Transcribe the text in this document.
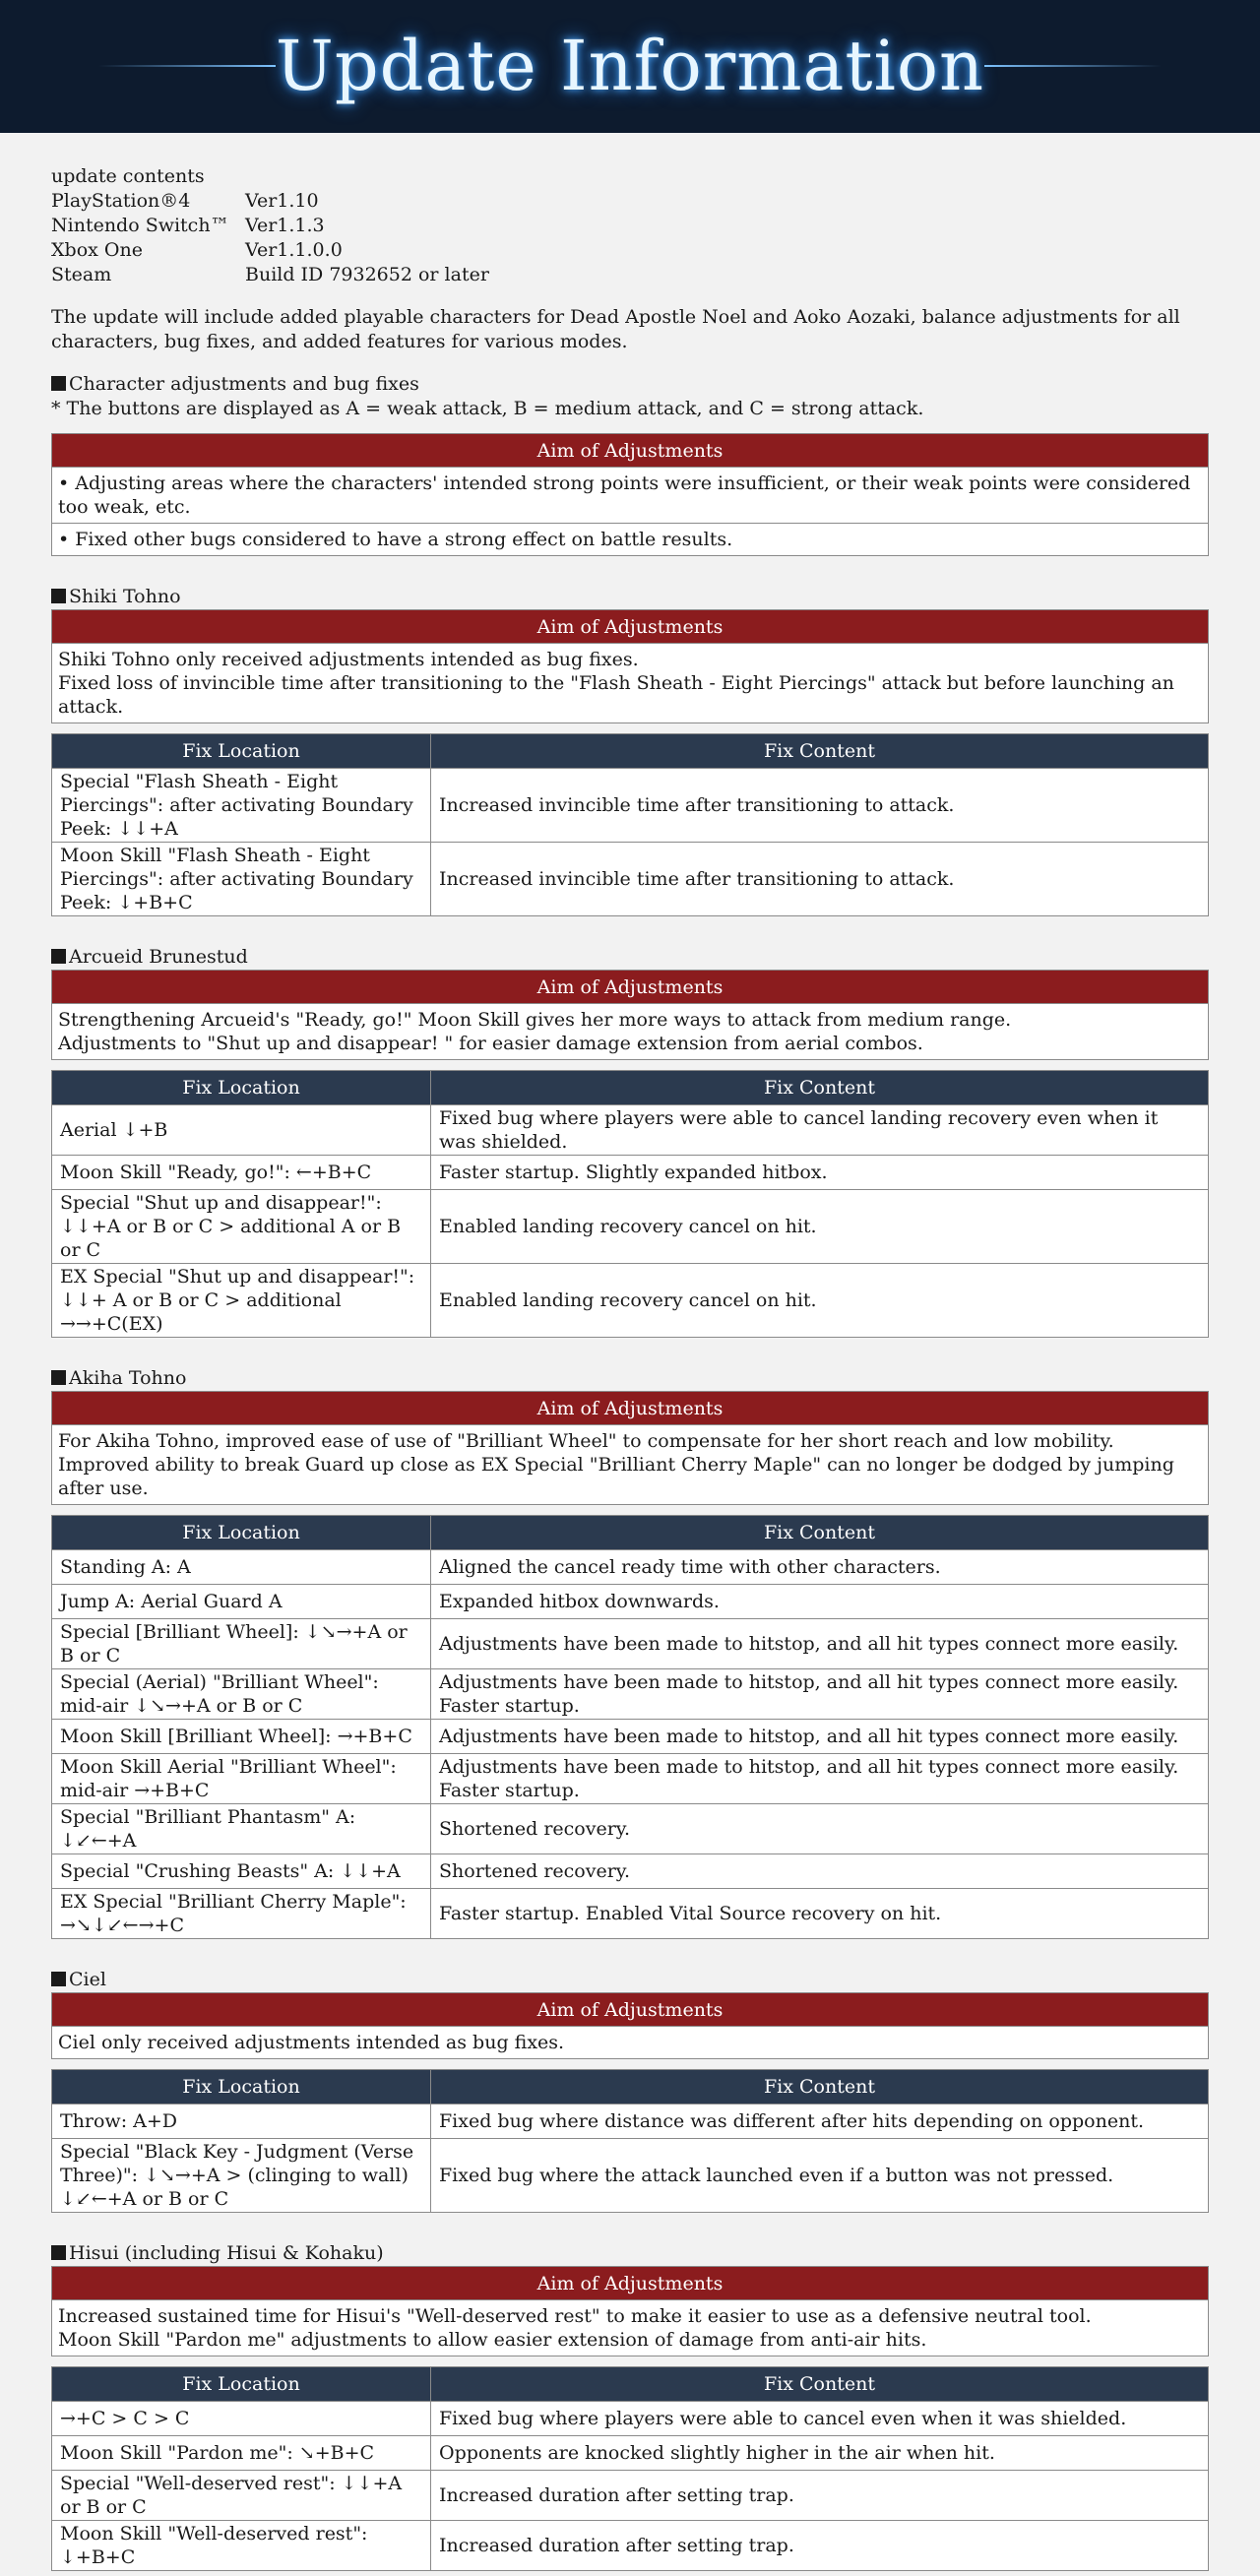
Update Information

update contents

PlayStation®4	Ver1.10
Nintendo Switch™ Ver1.1.3
Xbox One	Ver1.1.0.0
Steam	Build ID 7932652 or later

The update will include added playable characters for Dead Apostle Noel and Aoko Aozaki, balance adjustments for all characters, bug fixes, and added features for various modes.

Character adjustments and bug fixes

* The buttons are displayed as A = weak attack, B = medium attack, and C = strong attack.

Aim of Adjustments
• Adjusting areas where the characters' intended strong points were insufficient, or their weak points were considered too weak, etc.
• Fixed other bugs considered to have a strong effect on battle results.

Shiki Tohno

Aim of Adjustments

Shiki Tohno only received adjustments intended as bug fixes.
Fixed loss of invincible time after transitioning to the "Flash Sheath - Eight Piercings" attack but before launching an attack.
Fix Location	Fix Content
Special "Flash Sheath - Eight Piercings": after activating Boundary Peek: ↓↓+A	Increased invincible time after transitioning to attack.
Moon Skill "Flash Sheath - Eight Piercings": after activating Boundary Peek: ↓+B+C	Increased invincible time after transitioning to attack.

Arcueid Brunestud

Aim of Adjustments

Strengthening Arcueid's "Ready, go!" Moon Skill gives her more ways to attack from medium range.
Adjustments to "Shut up and disappear! " for easier damage extension from aerial combos.
Fix Location	Fix Content
Aerial ↓+B	Fixed bug where players were able to cancel landing recovery even when it was shielded.
Moon Skill "Ready, go!": ←+B+C	Faster startup. Slightly expanded hitbox.
Special "Shut up and disappear!": ↓↓+A or B or C > additional A or B or C	Enabled landing recovery cancel on hit.
EX Special "Shut up and disappear!": ↓↓+ A or B or C > additional →→+C(EX)	Enabled landing recovery cancel on hit.

Akiha Tohno

Aim of Adjustments

For Akiha Tohno, improved ease of use of "Brilliant Wheel" to compensate for her short reach and low mobility.
Improved ability to break Guard up close as EX Special "Brilliant Cherry Maple" can no longer be dodged by jumping after use.
Fix Location	Fix Content
Standing A: A	Aligned the cancel ready time with other characters.
Jump A: Aerial Guard A	Expanded hitbox downwards.
Special [Brilliant Wheel]: ↓↘→+A or B or C	Adjustments have been made to hitstop, and all hit types connect more easily.
Special (Aerial) "Brilliant Wheel": mid-air ↓↘→+A or B or C	Adjustments have been made to hitstop, and all hit types connect more easily. Faster startup.
Moon Skill [Brilliant Wheel]: →+B+C	Adjustments have been made to hitstop, and all hit types connect more easily.
Moon Skill Aerial "Brilliant Wheel": mid-air →+B+C	Adjustments have been made to hitstop, and all hit types connect more easily. Faster startup.
Special "Brilliant Phantasm" A: ↓↙←+A	Shortened recovery.
Special "Crushing Beasts" A: ↓↓+A	Shortened recovery.
EX Special "Brilliant Cherry Maple": →↘↓↙←→+C	Faster startup. Enabled Vital Source recovery on hit.

Ciel

Aim of Adjustments

Ciel only received adjustments intended as bug fixes.
Fix Location	Fix Content
Throw: A+D	Fixed bug where distance was different after hits depending on opponent.
Special "Black Key - Judgment (Verse Three)": ↓↘→+A > (clinging to wall) ↓↙←+A or B or C	Fixed bug where the attack launched even if a button was not pressed.

Hisui (including Hisui & Kohaku)

Aim of Adjustments

Increased sustained time for Hisui's "Well-deserved rest" to make it easier to use as a defensive neutral tool.
Moon Skill "Pardon me" adjustments to allow easier extension of damage from anti-air hits.
Fix Location	Fix Content
→+C > C > C	Fixed bug where players were able to cancel even when it was shielded.
Moon Skill "Pardon me": ↘+B+C	Opponents are knocked slightly higher in the air when hit.
Special "Well-deserved rest": ↓↓+A or B or C	Increased duration after setting trap.
Moon Skill "Well-deserved rest": ↓+B+C	Increased duration after setting trap.
